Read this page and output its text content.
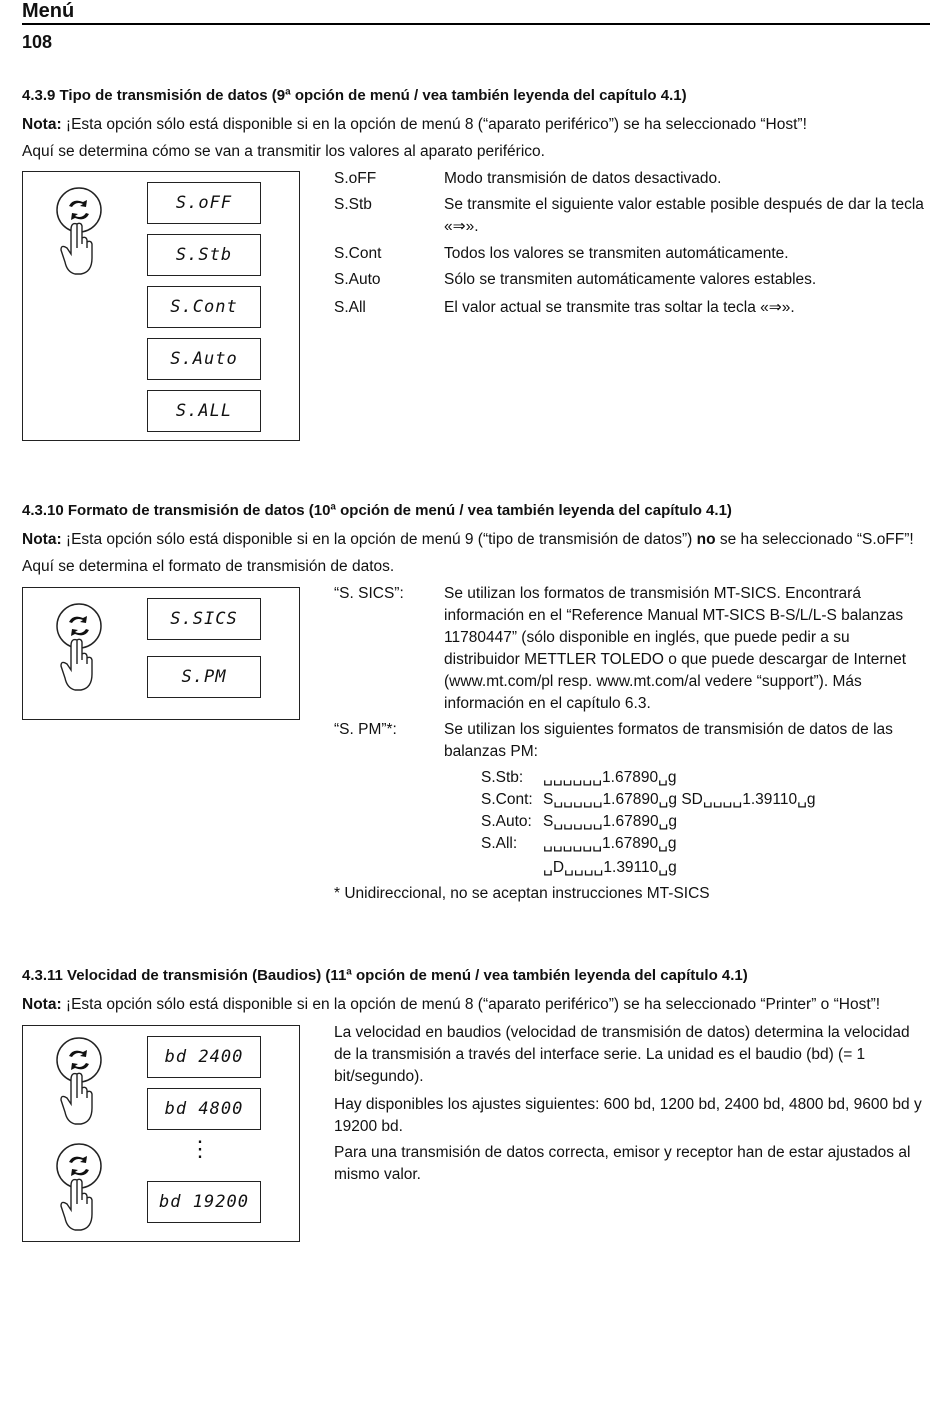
Menú
108
4.3.9 Tipo de transmisión de datos (9ª opción de menú / vea también leyenda del capítulo 4.1)
Nota: ¡Esta opción sólo está disponible si en la opción de menú 8 (“aparato periférico”) se ha seleccionado “Host”!
Aquí se determina cómo se van a transmitir los valores al aparato periférico.
S.oFF
S.Stb
S.Cont
S.Auto
S.ALL
S.oFF	Modo transmisión de datos desactivado.
S.Stb	Se transmite el siguiente valor estable posible después de dar la tecla «⇒».
S.Cont	Todos los valores se transmiten automáticamente.
S.Auto	Sólo se transmiten automáticamente valores estables.
S.All	El valor actual se transmite tras soltar la tecla «⇒».
4.3.10 Formato de transmisión de datos (10ª opción de menú / vea también leyenda del capítulo 4.1)
Nota: ¡Esta opción sólo está disponible si en la opción de menú 9 (“tipo de transmisión de datos”) no se ha seleccionado “S.oFF”!
Aquí se determina el formato de transmisión de datos.
S.SICS
S.PM
“S. SICS”:	Se utilizan los formatos de transmisión MT-SICS. Encontrará información en el “Reference Manual MT-SICS B-S/L/L-S balanzas 11780447” (sólo disponible en inglés, que puede pedir a su distribuidor METTLER TOLEDO o que puede descargar de Internet (www.mt.com/pl resp. www.mt.com/al vedere “support”). Más información en el capítulo 6.3.
“S. PM”*:	Se utilizan los siguientes formatos de transmisión de datos de las balanzas PM:
S.Stb: ␣␣␣␣␣␣1.67890␣g
S.Cont: S␣␣␣␣␣1.67890␣g SD␣␣␣␣1.39110␣g
S.Auto: S␣␣␣␣␣1.67890␣g
S.All: ␣␣␣␣␣␣1.67890␣g
␣D␣␣␣␣1.39110␣g
* Unidireccional, no se aceptan instrucciones MT-SICS
4.3.11 Velocidad de transmisión (Baudios) (11ª opción de menú / vea también leyenda del capítulo 4.1)
Nota: ¡Esta opción sólo está disponible si en la opción de menú 8 (“aparato periférico”) se ha seleccionado “Printer” o “Host”!
bd 2400
bd 4800
⋮
bd 19200
La velocidad en baudios (velocidad de transmisión de datos) determina la velocidad de la transmisión a través del interface serie. La unidad es el baudio (bd) (= 1 bit/segundo).
Hay disponibles los ajustes siguientes: 600 bd, 1200 bd, 2400 bd, 4800 bd, 9600 bd y 19200 bd.
Para una transmisión de datos correcta, emisor y receptor han de estar ajustados al mismo valor.
